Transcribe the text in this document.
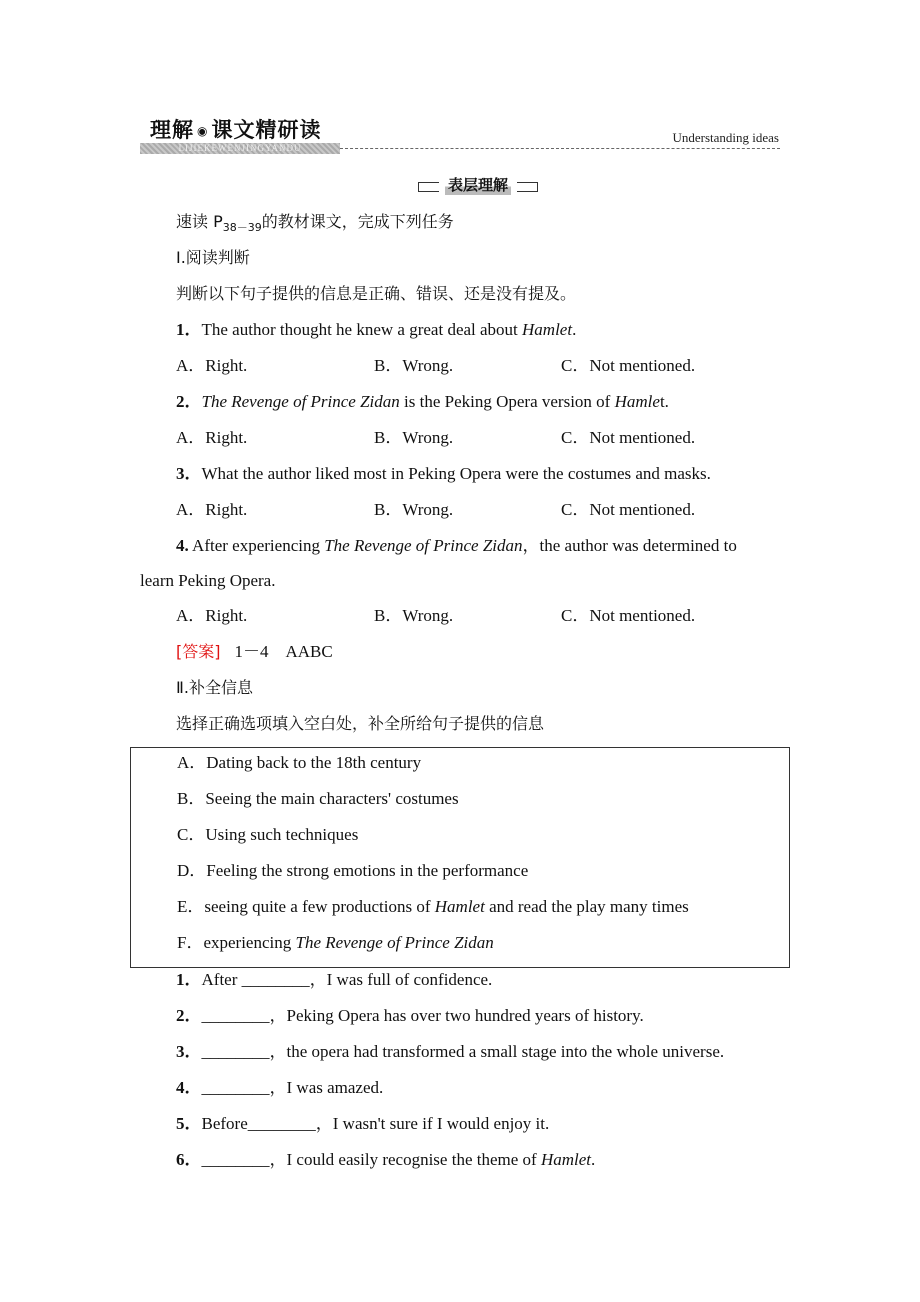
理解 ◉ 课文精研读
LIJIEKEWENJINGYANDU
Understanding ideas
表层理解
速读 $P_{38-39}$的教材课文，完成下列任务
Ⅰ.阅读判断
判断以下句子提供的信息是正确、错误、还是没有提及。
1．The author thought he knew a great deal about Hamlet.
A．Right.	B．Wrong.	C．Not mentioned.
2．The Revenge of Prince Zidan is the Peking Opera version of Hamlet.
A．Right.	B．Wrong.	C．Not mentioned.
3．What the author liked most in Peking Opera were the costumes and masks.
A．Right.	B．Wrong.	C．Not mentioned.
4. After experiencing The Revenge of Prince Zidan，the author was determined to
learn Peking Opera.
A．Right.	B．Wrong.	C．Not mentioned.
[答案] 1－4　AABC
Ⅱ.补全信息
选择正确选项填入空白处，补全所给句子提供的信息
A．Dating back to the 18th century
B．Seeing the main characters' costumes
C．Using such techniques
D．Feeling the strong emotions in the performance
E．seeing quite a few productions of Hamlet and read the play many times
F．experiencing The Revenge of Prince Zidan
1．After ________，I was full of confidence.
2．________，Peking Opera has over two hundred years of history.
3．________，the opera had transformed a small stage into the whole universe.
4．________，I was amazed.
5．Before________，I wasn't sure if I would enjoy it.
6．________，I could easily recognise the theme of Hamlet.
